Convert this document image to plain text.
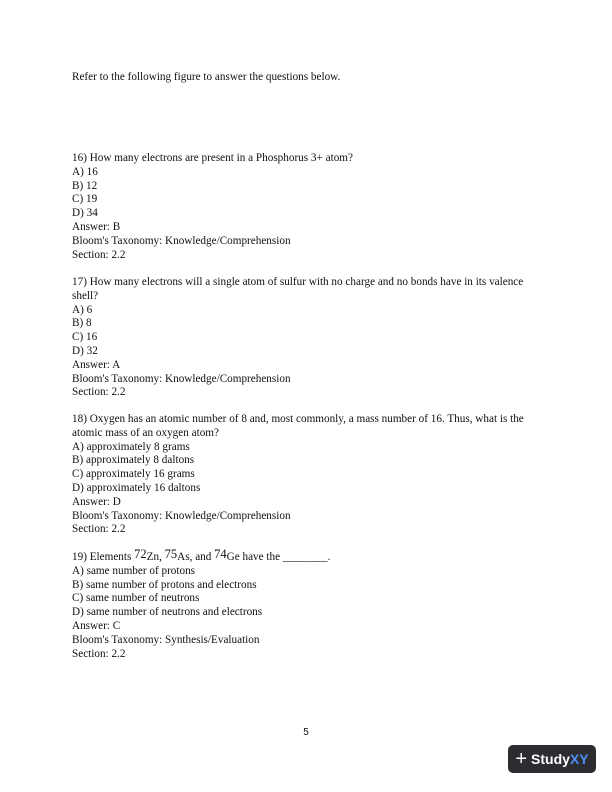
Refer to the following figure to answer the questions below.
16) How many electrons are present in a Phosphorus 3+ atom?
A) 16
B) 12
C) 19
D) 34
Answer: B
Bloom's Taxonomy: Knowledge/Comprehension
Section: 2.2
17) How many electrons will a single atom of sulfur with no charge and no bonds have in its valence shell?
A) 6
B) 8
C) 16
D) 32
Answer: A
Bloom's Taxonomy: Knowledge/Comprehension
Section: 2.2
18) Oxygen has an atomic number of 8 and, most commonly, a mass number of 16. Thus, what is the atomic mass of an oxygen atom?
A) approximately 8 grams
B) approximately 8 daltons
C) approximately 16 grams
D) approximately 16 daltons
Answer: D
Bloom's Taxonomy: Knowledge/Comprehension
Section: 2.2
19) Elements 72Zn, 75As, and 74Ge have the ________.
A) same number of protons
B) same number of protons and electrons
C) same number of neutrons
D) same number of neutrons and electrons
Answer: C
Bloom's Taxonomy: Synthesis/Evaluation
Section: 2.2
5
+ Study XY
